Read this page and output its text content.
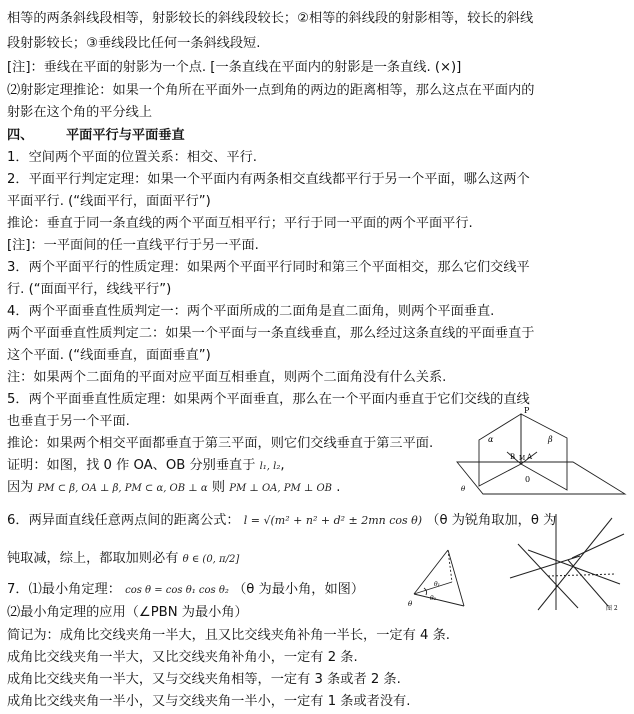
相等的两条斜线段相等，射影较长的斜线段较长；②相等的斜线段的射影相等，较长的斜线
段射影较长；③垂线段比任何一条斜线段短.
[注]：垂线在平面的射影为一个点. [一条直线在平面内的射影是一条直线. (×)]
⑵射影定理推论：如果一个角所在平面外一点到角的两边的距离相等，那么这点在平面内的
射影在这个角的平分线上
四、 平面平行与平面垂直
1．空间两个平面的位置关系：相交、平行.
2．平面平行判定定理：如果一个平面内有两条相交直线都平行于另一个平面，哪么这两个
平面平行. (“线面平行，面面平行”)
推论：垂直于同一条直线的两个平面互相平行；平行于同一平面的两个平面平行.
[注]：一平面间的任一直线平行于另一平面.
3．两个平面平行的性质定理：如果两个平面平行同时和第三个平面相交，那么它们交线平
行. (“面面平行，线线平行”)
4．两个平面垂直性质判定一：两个平面所成的二面角是直二面角，则两个平面垂直.
两个平面垂直性质判定二：如果一个平面与一条直线垂直，那么经过这条直线的平面垂直于
这个平面. (“线面垂直，面面垂直”)
注：如果两个二面角的平面对应平面互相垂直，则两个二面角没有什么关系.
5．两个平面垂直性质定理：如果两个平面垂直，那么在一个平面内垂直于它们交线的直线
也垂直于另一个平面.
推论：如果两个相交平面都垂直于第三平面，则它们交线垂直于第三平面.
证明：如图，找 0 作 OA、OB 分别垂直于 l₁, l₂,
因为 PM ⊂ β, OA ⊥ β, PM ⊂ α, OB ⊥ α 则 PM ⊥ OA, PM ⊥ OB .
6．两异面直线任意两点间的距离公式： l = √(m² + n² + d² ± 2mn cos θ) （θ 为锐角取加，θ 为
钝取减，综上，都取加则必有 θ ∈ (0, π/2]
7．⑴最小角定理： cos θ = cos θ₁ cos θ₂ （θ 为最小角，如图）
⑵最小角定理的应用（∠PBN 为最小角）
简记为：成角比交线夹角一半大，且又比交线夹角补角一半长，一定有 4 条.
成角比交线夹角一半大，又比交线夹角补角小，一定有 2 条.
成角比交线夹角一半大，又与交线夹角相等，一定有 3 条或者 2 条.
成角比交线夹角一半小，又与交线夹角一半小，一定有 1 条或者没有.
P
α	β
B A
M
0
θ
θ
θ₁
θ₂
图 2
